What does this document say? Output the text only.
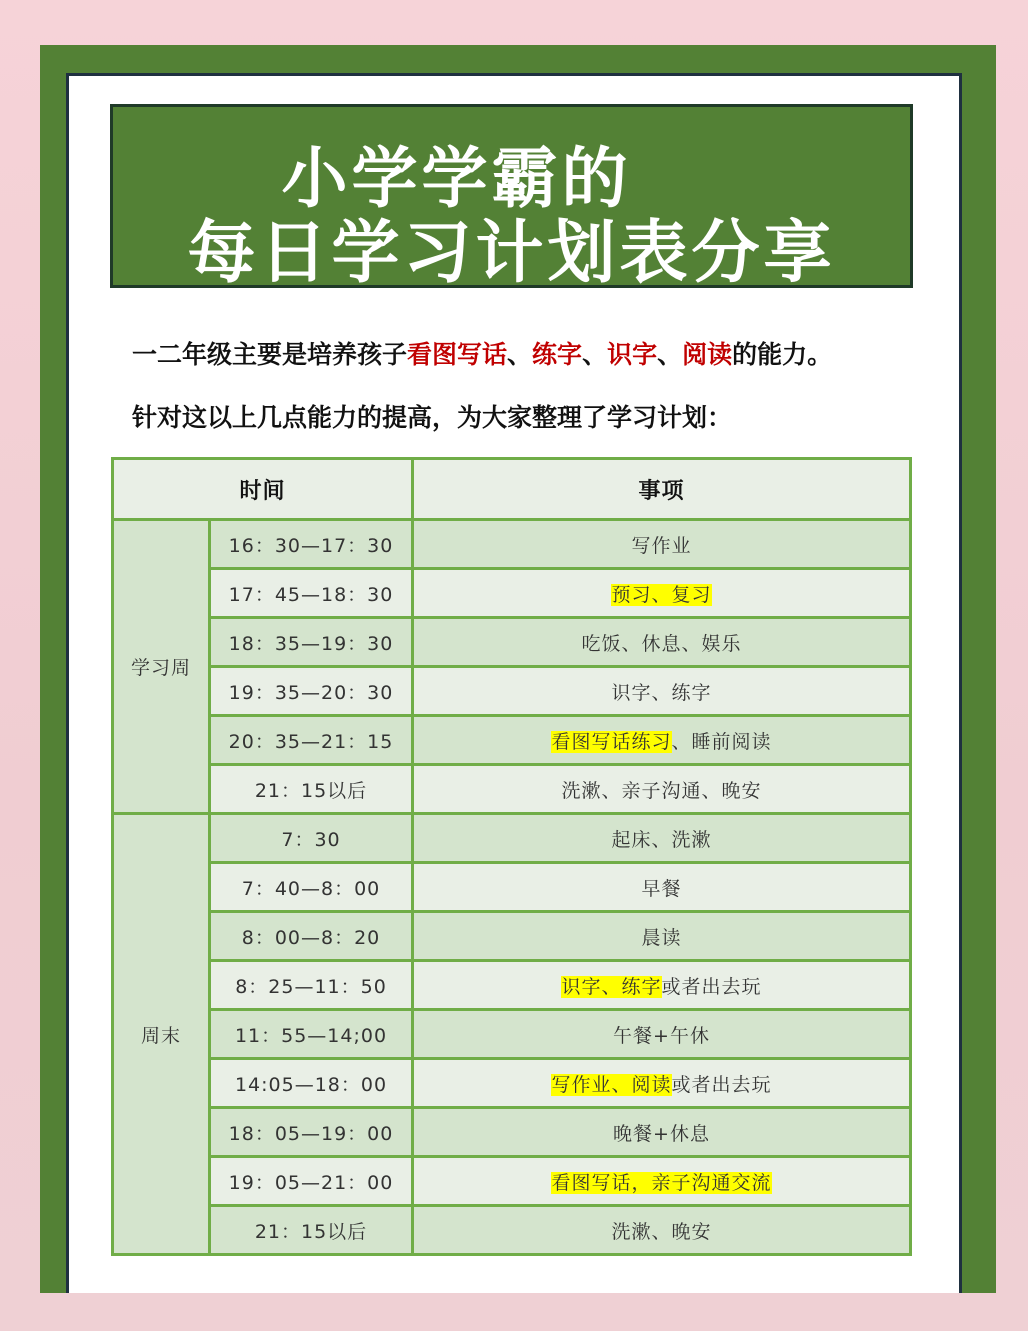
小学学霸的
每日学习计划表分享
一二年级主要是培养孩子看图写话、练字、识字、阅读的能力。
针对这以上几点能力的提高，为大家整理了学习计划：
时间		事项
学习周	16：30—17：30	写作业
	17：45—18：30	预习、复习
	18：35—19：30	吃饭、休息、娱乐
	19：35—20：30	识字、练字
	20：35—21：15	看图写话练习、睡前阅读
	21：15以后	洗漱、亲子沟通、晚安
周末	7：30	起床、洗漱
	7：40—8：00	早餐
	8：00—8：20	晨读
	8：25—11：50	识字、练字或者出去玩
	11：55—14;00	午餐+午休
	14:05—18：00	写作业、阅读或者出去玩
	18：05—19：00	晚餐+休息
	19：05—21：00	看图写话，亲子沟通交流
	21：15以后	洗漱、晚安
